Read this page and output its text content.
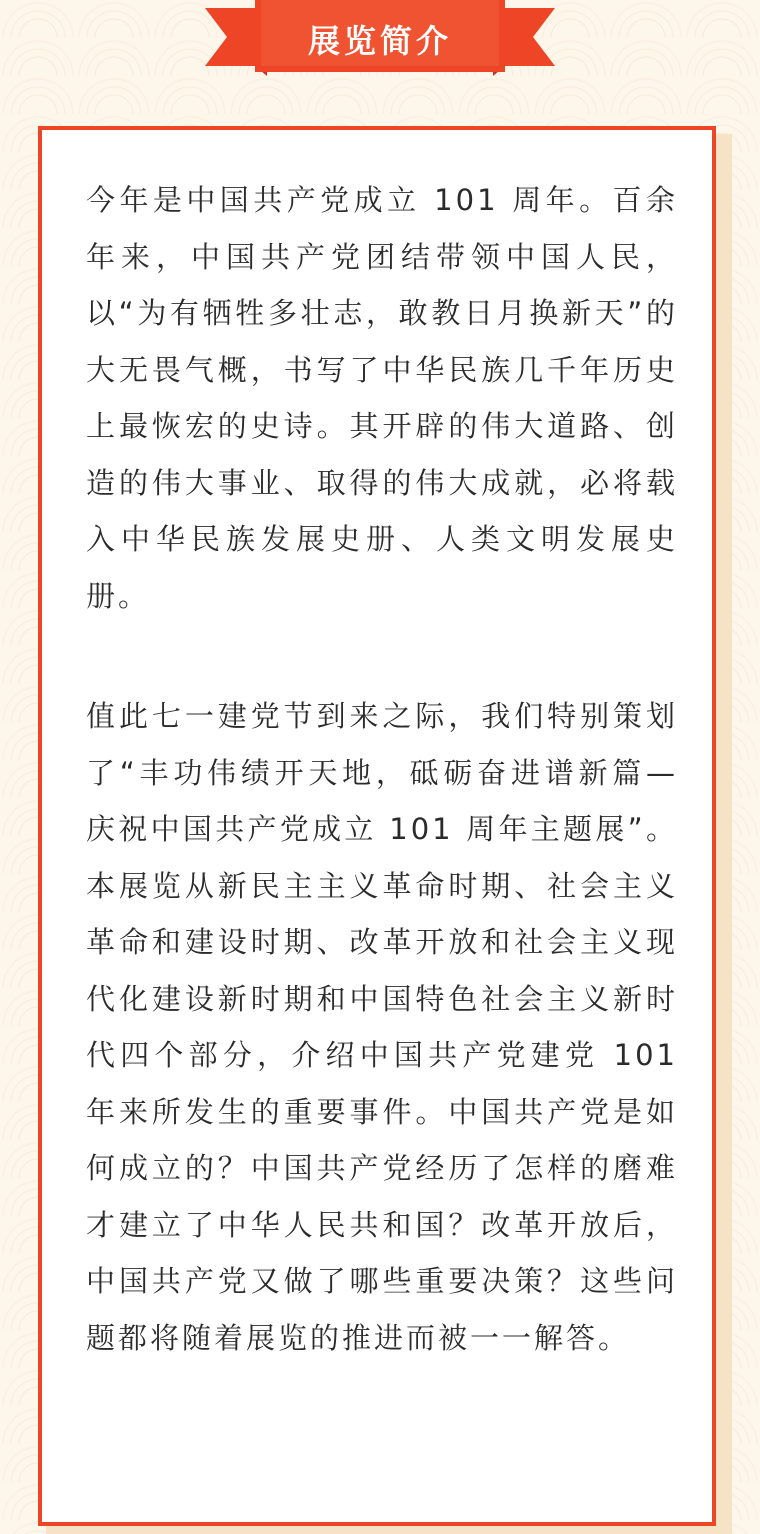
展览简介

今年是中国共产党成立 101 周年。百余年来，中国共产党团结带领中国人民，以“为有牺牲多壮志，敢教日月换新天”的大无畏气概，书写了中华民族几千年历史上最恢宏的史诗。其开辟的伟大道路、创造的伟大事业、取得的伟大成就，必将载入中华民族发展史册、人类文明发展史册。

值此七一建党节到来之际，我们特别策划了“丰功伟绩开天地，砥砺奋进谱新篇—庆祝中国共产党成立 101 周年主题展”。本展览从新民主主义革命时期、社会主义革命和建设时期、改革开放和社会主义现代化建设新时期和中国特色社会主义新时代四个部分，介绍中国共产党建党 101 年来所发生的重要事件。中国共产党是如何成立的？中国共产党经历了怎样的磨难才建立了中华人民共和国？改革开放后，中国共产党又做了哪些重要决策？这些问题都将随着展览的推进而被一一解答。
